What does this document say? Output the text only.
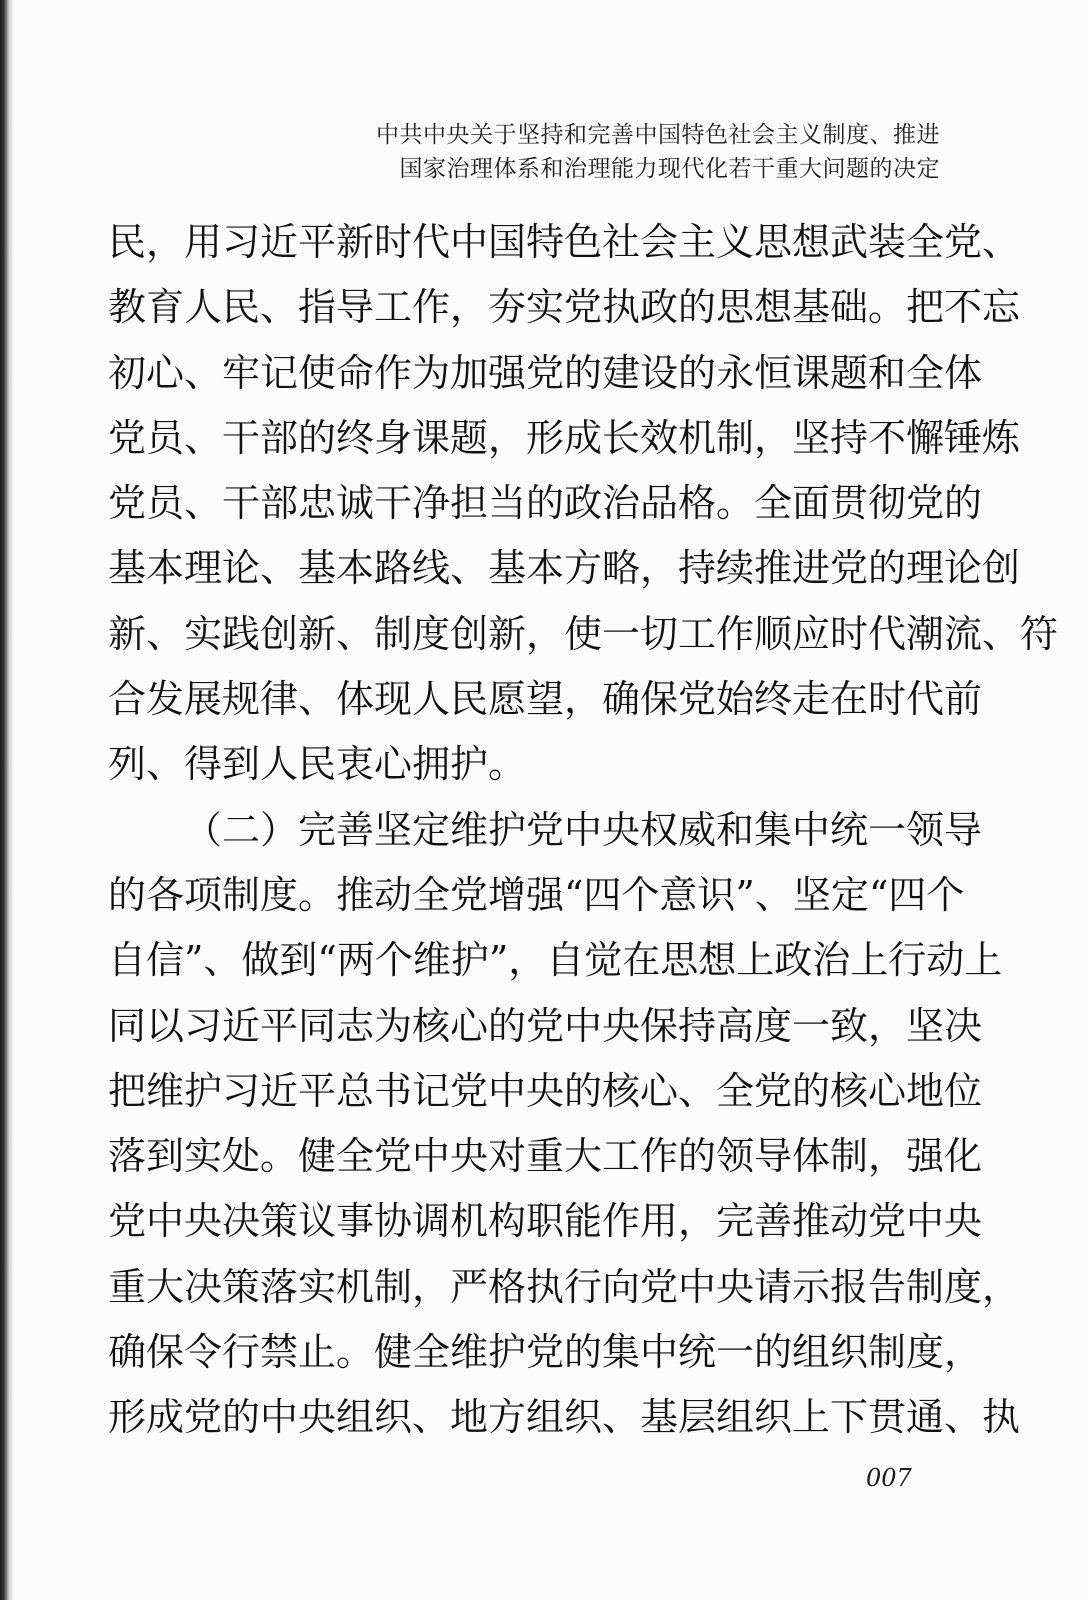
中共中央关于坚持和完善中国特色社会主义制度、推进
国家治理体系和治理能力现代化若干重大问题的决定
民，用习近平新时代中国特色社会主义思想武装全党、
教育人民、指导工作，夯实党执政的思想基础。把不忘
初心、牢记使命作为加强党的建设的永恒课题和全体
党员、干部的终身课题，形成长效机制，坚持不懈锤炼
党员、干部忠诚干净担当的政治品格。全面贯彻党的
基本理论、基本路线、基本方略，持续推进党的理论创
新、实践创新、制度创新，使一切工作顺应时代潮流、符
合发展规律、体现人民愿望，确保党始终走在时代前
列、得到人民衷心拥护。
（二）完善坚定维护党中央权威和集中统一领导
的各项制度。推动全党增强“四个意识”、坚定“四个
自信”、做到“两个维护”，自觉在思想上政治上行动上
同以习近平同志为核心的党中央保持高度一致，坚决
把维护习近平总书记党中央的核心、全党的核心地位
落到实处。健全党中央对重大工作的领导体制，强化
党中央决策议事协调机构职能作用，完善推动党中央
重大决策落实机制，严格执行向党中央请示报告制度，
确保令行禁止。健全维护党的集中统一的组织制度，
形成党的中央组织、地方组织、基层组织上下贯通、执
007
